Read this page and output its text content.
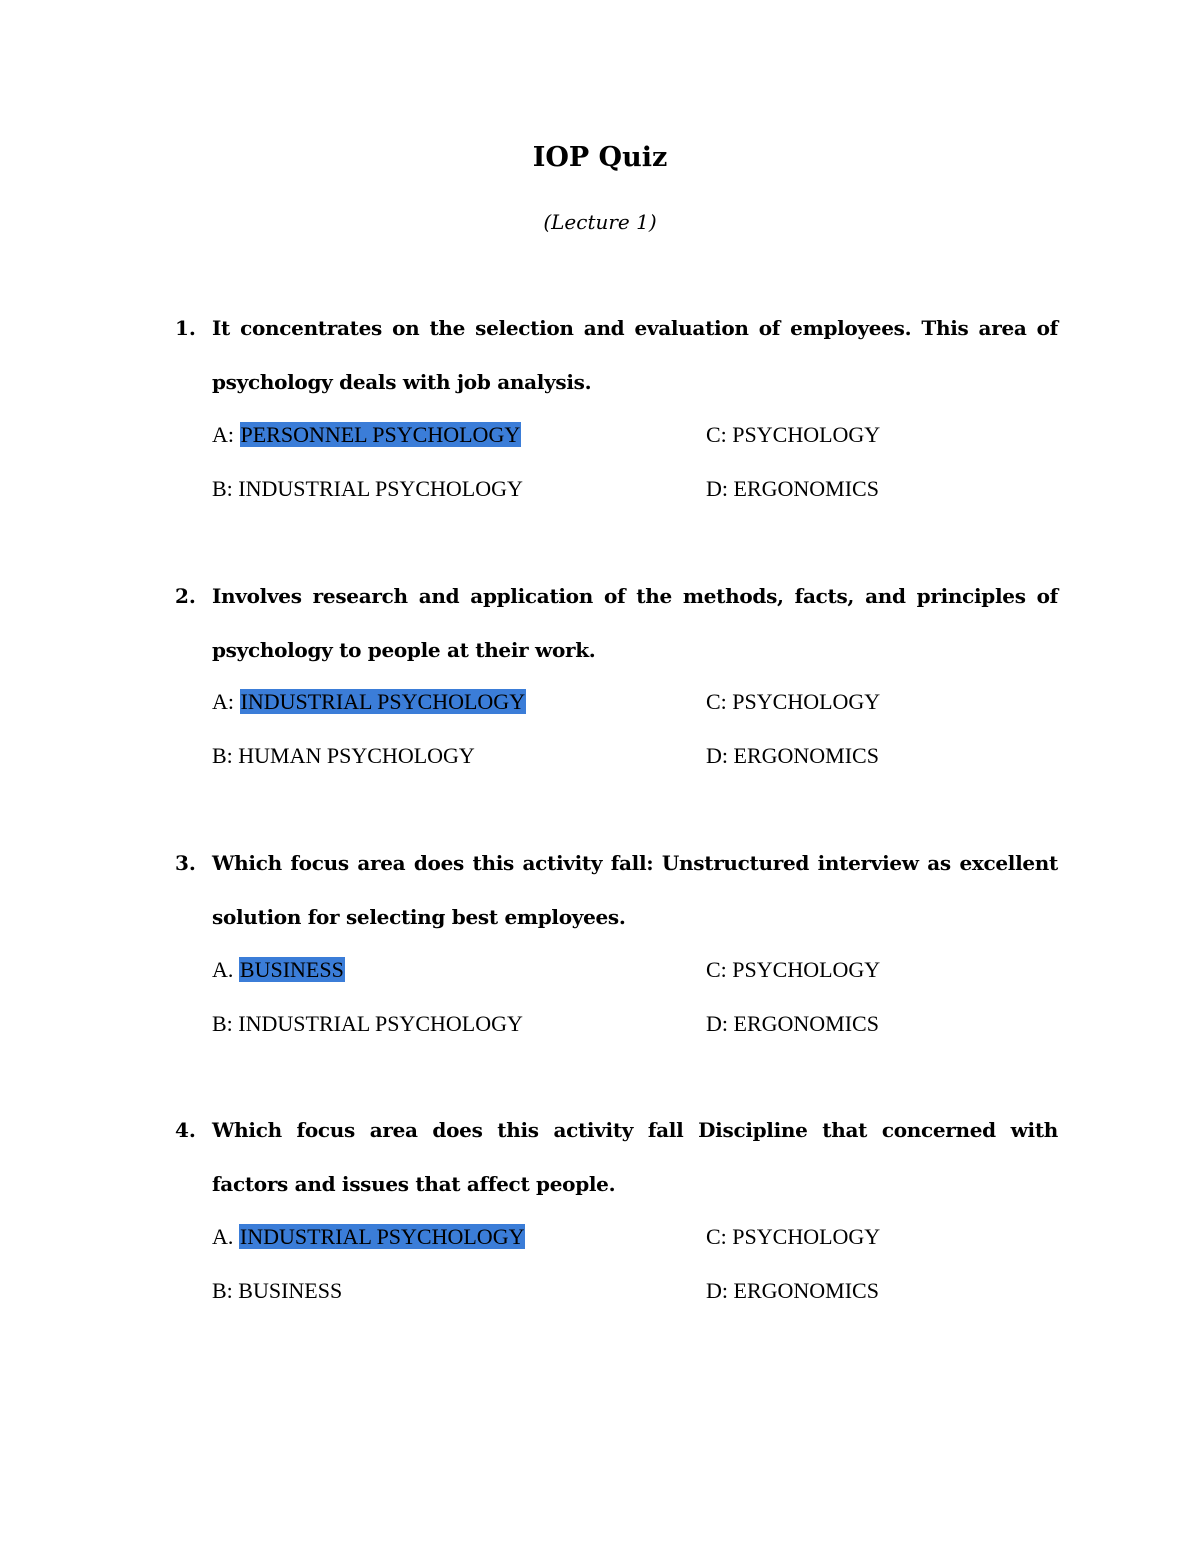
IOP Quiz
(Lecture 1)
1. It concentrates on the selection and evaluation of employees. This area of psychology deals with job analysis.
A: PERSONNEL PSYCHOLOGY	C: PSYCHOLOGY
B: INDUSTRIAL PSYCHOLOGY	D: ERGONOMICS
2. Involves research and application of the methods, facts, and principles of psychology to people at their work.
A: INDUSTRIAL PSYCHOLOGY	C: PSYCHOLOGY
B: HUMAN PSYCHOLOGY	D: ERGONOMICS
3. Which focus area does this activity fall: Unstructured interview as excellent solution for selecting best employees.
A. BUSINESS	C: PSYCHOLOGY
B: INDUSTRIAL PSYCHOLOGY	D: ERGONOMICS
4. Which focus area does this activity fall Discipline that concerned with factors and issues that affect people.
A. INDUSTRIAL PSYCHOLOGY	C: PSYCHOLOGY
B: BUSINESS	D: ERGONOMICS
